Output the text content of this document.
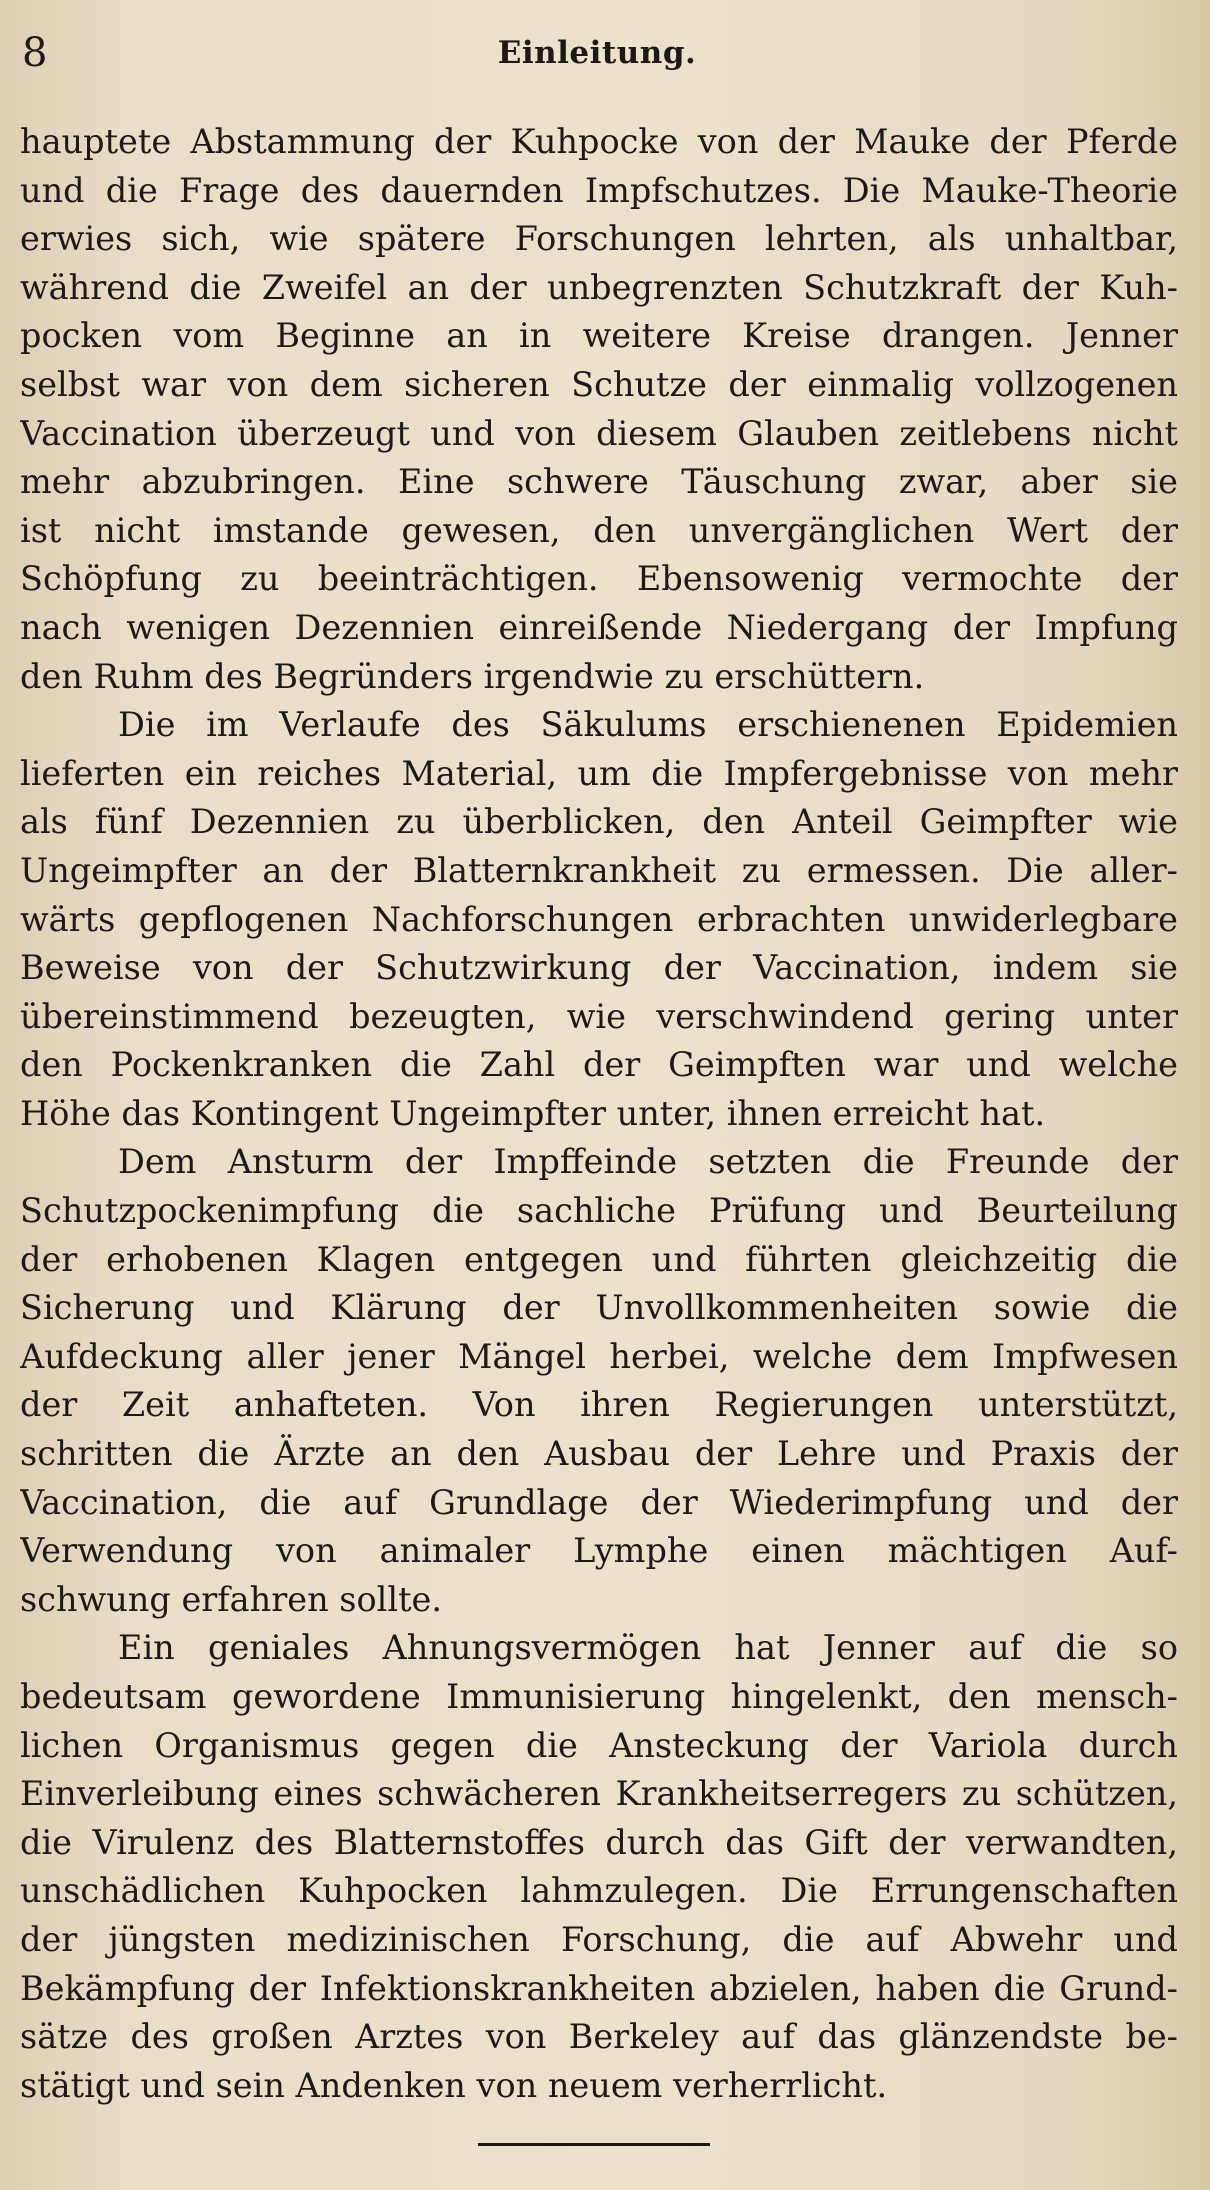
8	Einleitung.
hauptete Abstammung der Kuhpocke von der Mauke der Pferde
und die Frage des dauernden Impfschutzes. Die Mauke-Theorie
erwies sich, wie spätere Forschungen lehrten, als unhaltbar,
während die Zweifel an der unbegrenzten Schutzkraft der Kuh-
pocken vom Beginne an in weitere Kreise drangen. Jenner
selbst war von dem sicheren Schutze der einmalig vollzogenen
Vaccination überzeugt und von diesem Glauben zeitlebens nicht
mehr abzubringen. Eine schwere Täuschung zwar, aber sie
ist nicht imstande gewesen, den unvergänglichen Wert der
Schöpfung zu beeinträchtigen. Ebensowenig vermochte der
nach wenigen Dezennien einreißende Niedergang der Impfung
den Ruhm des Begründers irgendwie zu erschüttern.
Die im Verlaufe des Säkulums erschienenen Epidemien
lieferten ein reiches Material, um die Impfergebnisse von mehr
als fünf Dezennien zu überblicken, den Anteil Geimpfter wie
Ungeimpfter an der Blatternkrankheit zu ermessen. Die aller-
wärts gepflogenen Nachforschungen erbrachten unwiderlegbare
Beweise von der Schutzwirkung der Vaccination, indem sie
übereinstimmend bezeugten, wie verschwindend gering unter
den Pockenkranken die Zahl der Geimpften war und welche
Höhe das Kontingent Ungeimpfter unter, ihnen erreicht hat.
Dem Ansturm der Impffeinde setzten die Freunde der
Schutzpockenimpfung die sachliche Prüfung und Beurteilung
der erhobenen Klagen entgegen und führten gleichzeitig die
Sicherung und Klärung der Unvollkommenheiten sowie die
Aufdeckung aller jener Mängel herbei, welche dem Impfwesen
der Zeit anhafteten. Von ihren Regierungen unterstützt,
schritten die Ärzte an den Ausbau der Lehre und Praxis der
Vaccination, die auf Grundlage der Wiederimpfung und der
Verwendung von animaler Lymphe einen mächtigen Auf-
schwung erfahren sollte.
Ein geniales Ahnungsvermögen hat Jenner auf die so
bedeutsam gewordene Immunisierung hingelenkt, den mensch-
lichen Organismus gegen die Ansteckung der Variola durch
Einverleibung eines schwächeren Krankheitserregers zu schützen,
die Virulenz des Blatternstoffes durch das Gift der verwandten,
unschädlichen Kuhpocken lahmzulegen. Die Errungenschaften
der jüngsten medizinischen Forschung, die auf Abwehr und
Bekämpfung der Infektionskrankheiten abzielen, haben die Grund-
sätze des großen Arztes von Berkeley auf das glänzendste be-
stätigt und sein Andenken von neuem verherrlicht.
